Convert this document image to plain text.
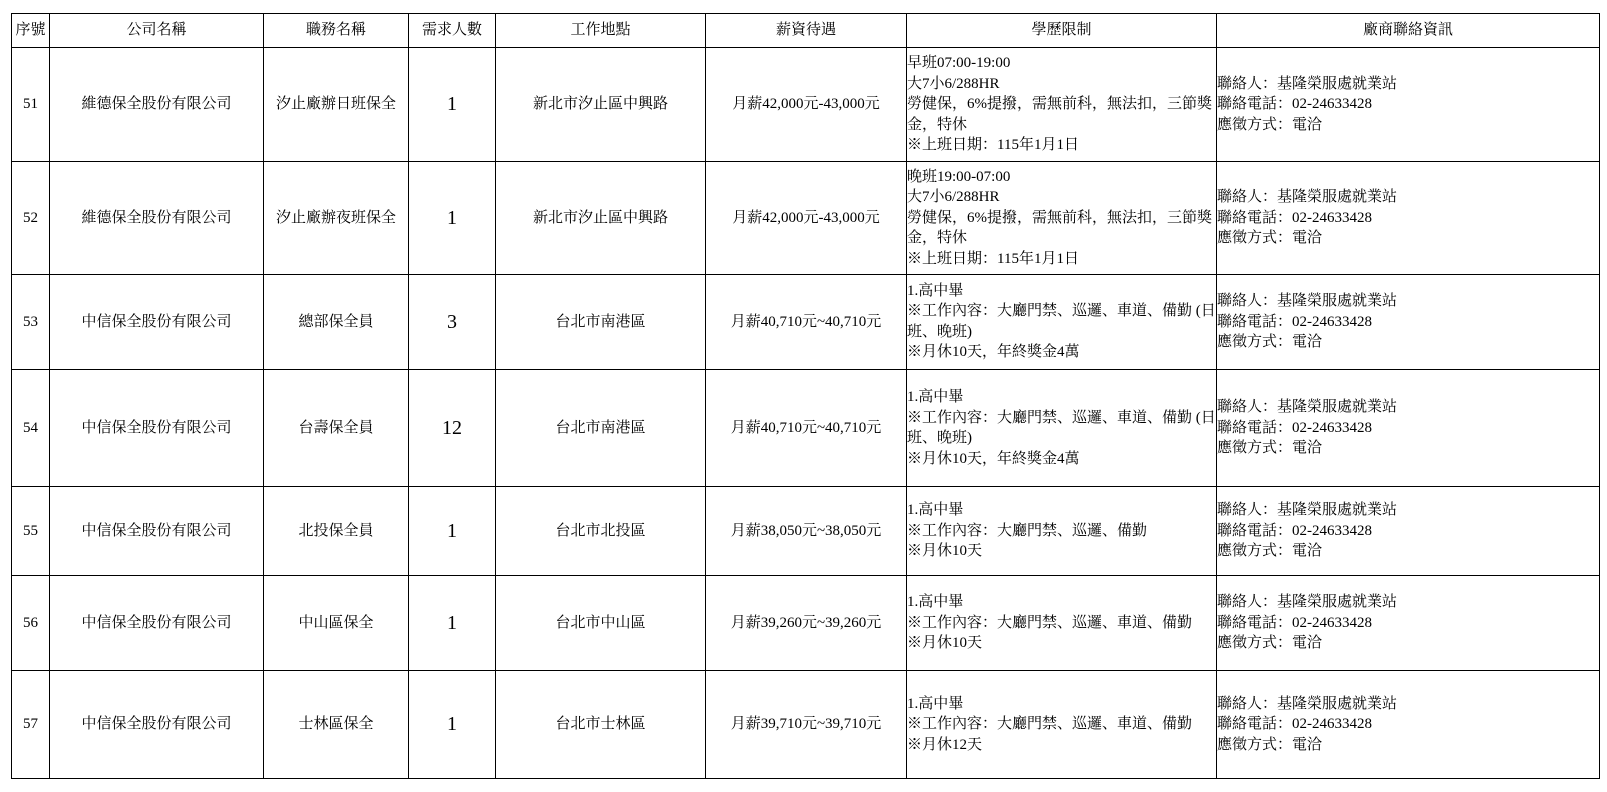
序號	公司名稱	職務名稱	需求人數	工作地點	薪資待遇	學歷限制	廠商聯絡資訊
51	維德保全股份有限公司	汐止廠辦日班保全	1	新北市汐止區中興路	月薪42,000元-43,000元	早班07:00-19:00
大7小6/288HR
勞健保，6%提撥，需無前科，無法扣，三節獎金，特休
※上班日期：115年1月1日	聯絡人：基隆榮服處就業站
聯絡電話：02-24633428
應徵方式：電洽

52	維德保全股份有限公司	汐止廠辦夜班保全	1	新北市汐止區中興路	月薪42,000元-43,000元	晚班19:00-07:00
大7小6/288HR
勞健保，6%提撥，需無前科，無法扣，三節獎金，特休
※上班日期：115年1月1日	聯絡人：基隆榮服處就業站
聯絡電話：02-24633428
應徵方式：電洽

53	中信保全股份有限公司	總部保全員	3	台北市南港區	月薪40,710元~40,710元	1.高中畢
※工作內容：大廳門禁、巡邏、車道、備勤 (日班、晚班)
※月休10天，年終獎金4萬	聯絡人：基隆榮服處就業站
聯絡電話：02-24633428
應徵方式：電洽

54	中信保全股份有限公司	台壽保全員	12	台北市南港區	月薪40,710元~40,710元	1.高中畢
※工作內容：大廳門禁、巡邏、車道、備勤 (日班、晚班)
※月休10天，年終獎金4萬	聯絡人：基隆榮服處就業站
聯絡電話：02-24633428
應徵方式：電洽

55	中信保全股份有限公司	北投保全員	1	台北市北投區	月薪38,050元~38,050元	1.高中畢
※工作內容：大廳門禁、巡邏、備勤
※月休10天	聯絡人：基隆榮服處就業站
聯絡電話：02-24633428
應徵方式：電洽

56	中信保全股份有限公司	中山區保全	1	台北市中山區	月薪39,260元~39,260元	1.高中畢
※工作內容：大廳門禁、巡邏、車道、備勤
※月休10天	聯絡人：基隆榮服處就業站
聯絡電話：02-24633428
應徵方式：電洽

57	中信保全股份有限公司	士林區保全	1	台北市士林區	月薪39,710元~39,710元	1.高中畢
※工作內容：大廳門禁、巡邏、車道、備勤
※月休12天	聯絡人：基隆榮服處就業站
聯絡電話：02-24633428
應徵方式：電洽
